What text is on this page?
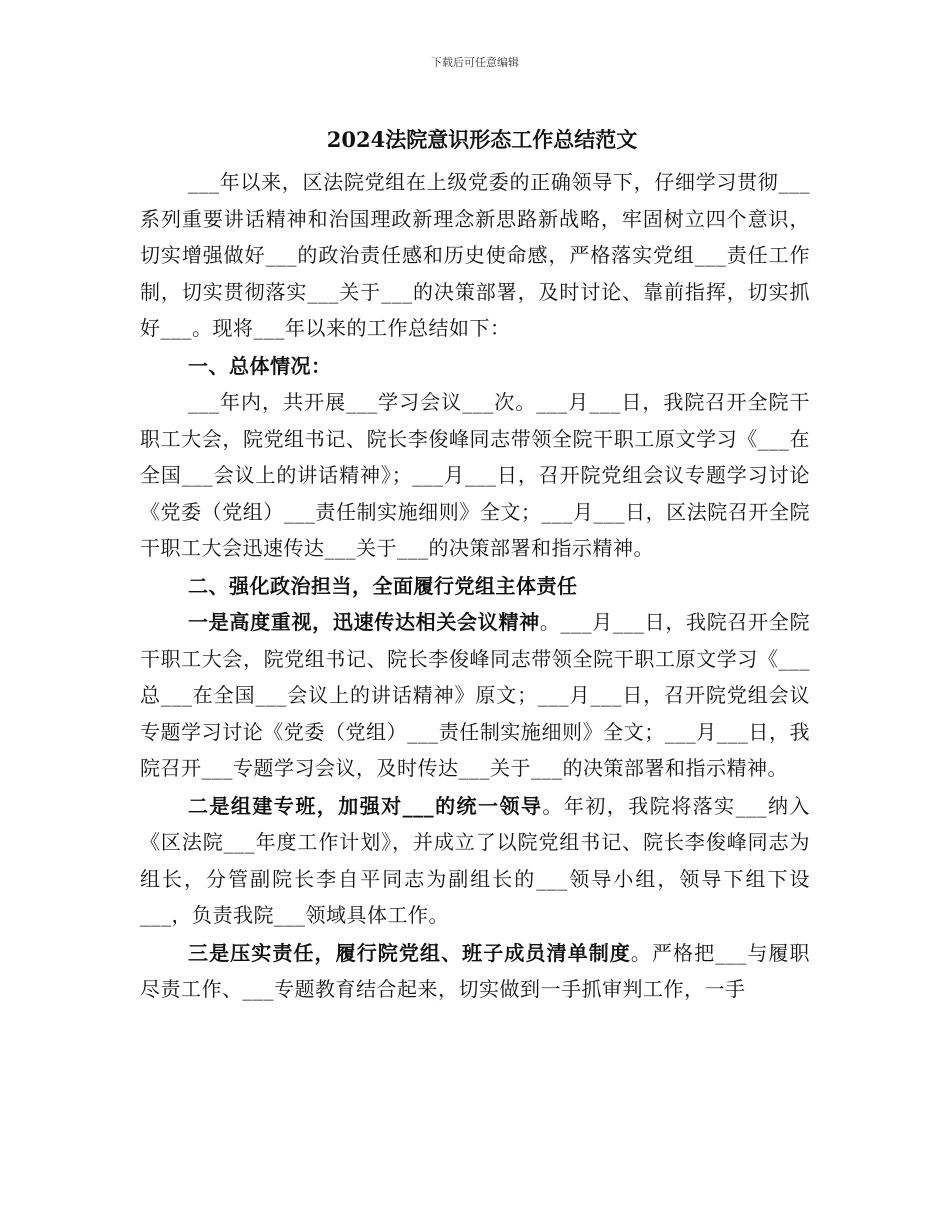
下载后可任意编辑
2024法院意识形态工作总结范文

___年以来，区法院党组在上级党委的正确领导下，仔细学习贯彻___系列重要讲话精神和治国理政新理念新思路新战略，牢固树立四个意识，切实增强做好___的政治责任感和历史使命感，严格落实党组___责任工作制，切实贯彻落实___关于___的决策部署，及时讨论、靠前指挥，切实抓好___。现将___年以来的工作总结如下：

一、总体情况：

___年内，共开展___学习会议___次。___月___日，我院召开全院干职工大会，院党组书记、院长李俊峰同志带领全院干职工原文学习《___在全国___会议上的讲话精神》；___月___日，召开院党组会议专题学习讨论《党委（党组）___责任制实施细则》全文；___月___日，区法院召开全院干职工大会迅速传达___关于___的决策部署和指示精神。

二、强化政治担当，全面履行党组主体责任

一是高度重视，迅速传达相关会议精神。___月___日，我院召开全院干职工大会，院党组书记、院长李俊峰同志带领全院干职工原文学习《___总___在全国___会议上的讲话精神》原文；___月___日，召开院党组会议专题学习讨论《党委（党组）___责任制实施细则》全文；___月___日，我院召开___专题学习会议，及时传达___关于___的决策部署和指示精神。

二是组建专班，加强对___的统一领导。年初，我院将落实___纳入《区法院___年度工作计划》，并成立了以院党组书记、院长李俊峰同志为组长，分管副院长李自平同志为副组长的___领导小组，领导下组下设___，负责我院___领域具体工作。

三是压实责任，履行院党组、班子成员清单制度。严格把___与履职尽责工作、___专题教育结合起来，切实做到一手抓审判工作，一手
